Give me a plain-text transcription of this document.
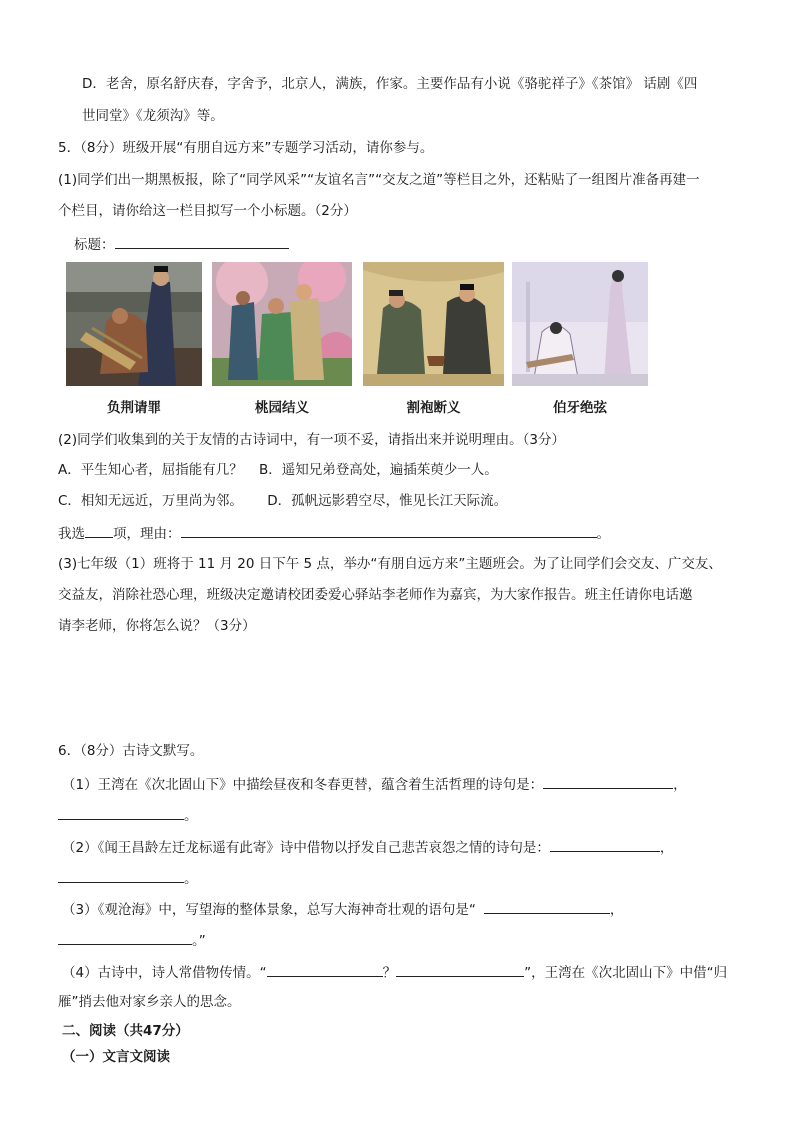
D．老舍，原名舒庆春，字舍予，北京人，满族，作家。主要作品有小说《骆驼祥子》《茶馆》 话剧《四
世同堂》《龙须沟》等。
5．（8分）班级开展“有朋自远方来”专题学习活动，请你参与。
(1)同学们出一期黑板报，除了“同学风采”“友谊名言”“交友之道”等栏目之外，还粘贴了一组图片准备再建一
个栏目，请你给这一栏目拟写一个小标题。（2分）
标题：
负荆请罪	桃园结义	割袍断义	伯牙绝弦
(2)同学们收集到的关于友情的古诗词中，有一项不妥，请指出来并说明理由。（3分）
A．平生知心者，屈指能有几？ B．遥知兄弟登高处，遍插茱萸少一人。
C．相知无远近，万里尚为邻。 D．孤帆远影碧空尽，惟见长江天际流。
我选 项，理由：	。
(3)七年级（1）班将于 11 月 20 日下午 5 点，举办“有朋自远方来”主题班会。为了让同学们会交友、广交友、
交益友，消除社恐心理，班级决定邀请校团委爱心驿站李老师作为嘉宾，为大家作报告。班主任请你电话邀
请李老师，你将怎么说？（3分）
6．（8分）古诗文默写。
（1）王湾在《次北固山下》中描绘昼夜和冬春更替，蕴含着生活哲理的诗句是：	，
。
（2）《闻王昌龄左迁龙标遥有此寄》诗中借物以抒发自己悲苦哀怨之情的诗句是：	，
。
（3）《观沧海》中，写望海的整体景象，总写大海神奇壮观的语句是“	，
。”
（4）古诗中，诗人常借物传情。“	？	”，王湾在《次北固山下》中借“归
雁”捎去他对家乡亲人的思念。
二、阅读（共47分）
（一）文言文阅读
